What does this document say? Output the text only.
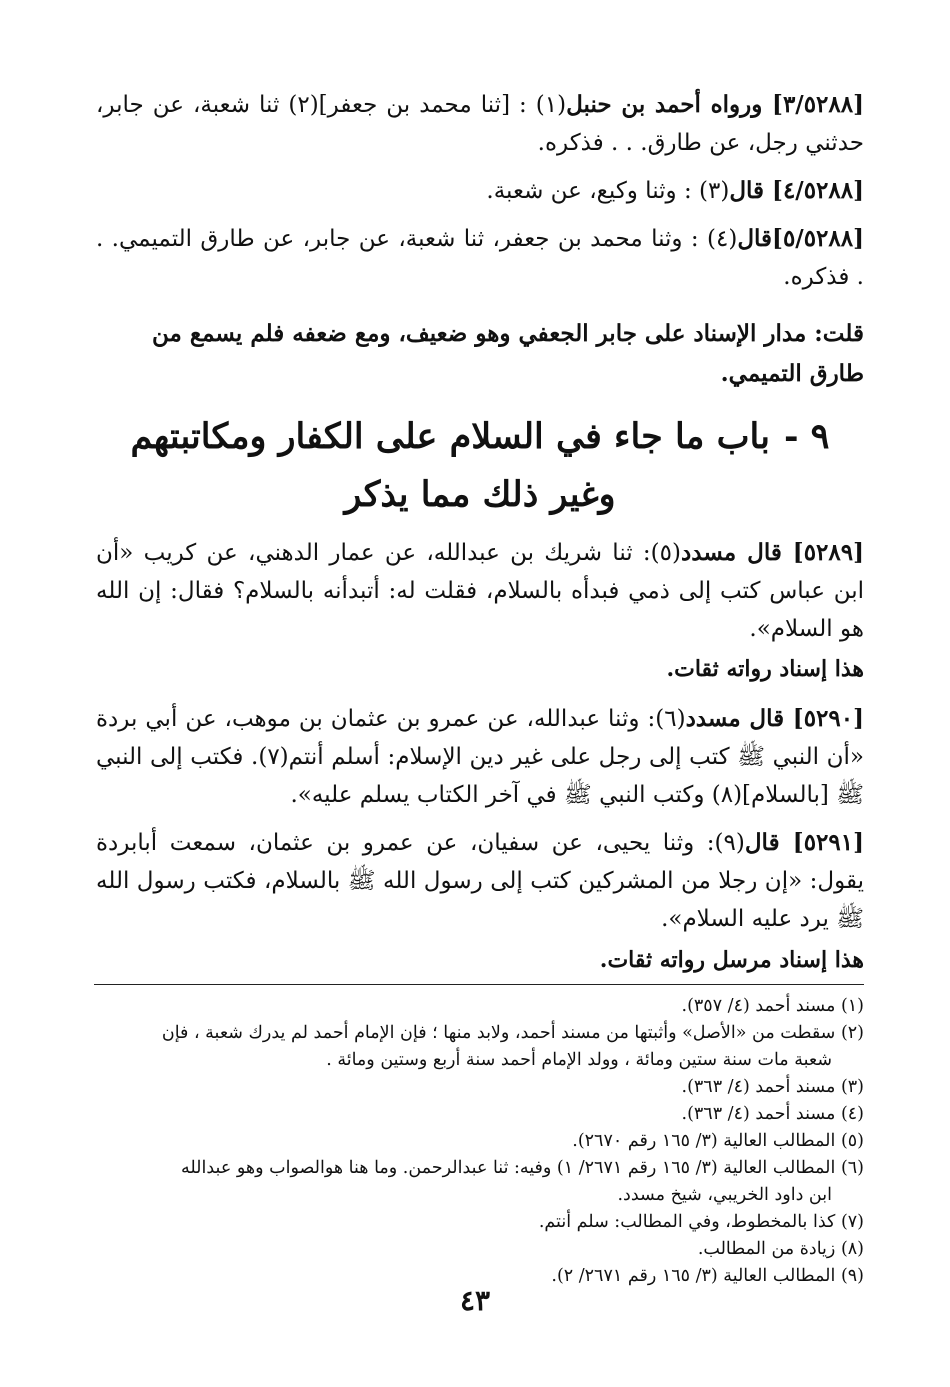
[٣/٥٢٨٨] ورواه أحمد بن حنبل(١) : [ثنا محمد بن جعفر](٢) ثنا شعبة، عن جابر، حدثني رجل، عن طارق. . . فذكره.

[٤/٥٢٨٨] قال(٣) : وثنا وكيع، عن شعبة.

[٥/٥٢٨٨]قال(٤) : وثنا محمد بن جعفر، ثنا شعبة، عن جابر، عن طارق التميمي. . . فذكره.

قلت: مدار الإسناد على جابر الجعفي وهو ضعيف، ومع ضعفه فلم يسمع من طارق التميمي.

٩ -باب ما جاء في السلام على الكفار ومكاتبتهم
وغير ذلك مما يذكر

[٥٢٨٩] قال مسدد(٥): ثنا شريك بن عبدالله، عن عمار الدهني، عن كريب «أن ابن عباس كتب إلى ذمي فبدأه بالسلام، فقلت له: أتبدأنه بالسلام؟ فقال: إن الله هو السلام».

هذا إسناد رواته ثقات.

[٥٢٩٠] قال مسدد(٦): وثنا عبدالله، عن عمرو بن عثمان بن موهب، عن أبي بردة «أن النبي ﷺ كتب إلى رجل على غير دين الإسلام: أسلم أنتم(٧). فكتب إلى النبي ﷺ [بالسلام](٨) وكتب النبي ﷺ في آخر الكتاب يسلم عليه».

[٥٢٩١] قال(٩): وثنا يحيى، عن سفيان، عن عمرو بن عثمان، سمعت أبابردة يقول: «إن رجلا من المشركين كتب إلى رسول الله ﷺ بالسلام، فكتب رسول الله ﷺ يرد عليه السلام».

هذا إسناد مرسل رواته ثقات.

(١) مسند أحمد (٤/ ٣٥٧).

(٢) سقطت من «الأصل» وأثبتها من مسند أحمد، ولابد منها ؛ فإن الإمام أحمد لم يدرك شعبة ، فإن
شعبة مات سنة ستين ومائة ، وولد الإمام أحمد سنة أربع وستين ومائة .

(٣) مسند أحمد (٤/ ٣٦٣).

(٤) مسند أحمد (٤/ ٣٦٣).

(٥) المطالب العالية (٣/ ١٦٥ رقم ٢٦٧٠).

(٦) المطالب العالية (٣/ ١٦٥ رقم ٢٦٧١/ ١) وفيه: ثنا عبدالرحمن. وما هنا هوالصواب وهو عبدالله
ابن داود الخريبي، شيخ مسدد.

(٧) كذا بالمخطوط، وفي المطالب: سلم أنتم.

(٨) زيادة من المطالب.

(٩) المطالب العالية (٣/ ١٦٥ رقم ٢٦٧١/ ٢).

٤٣
